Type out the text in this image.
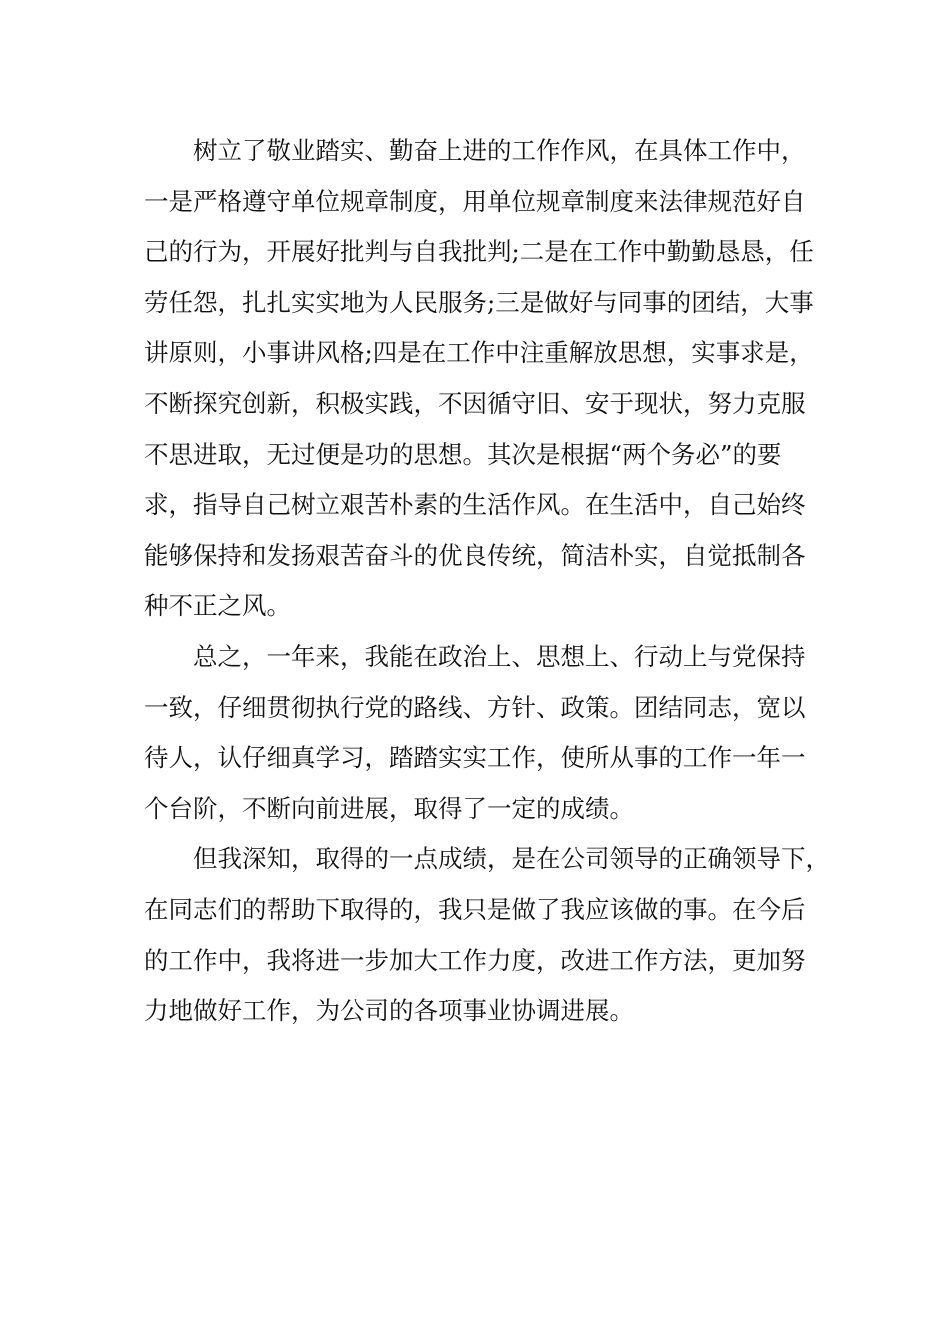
树立了敬业踏实、勤奋上进的工作作风，在具体工作中，
一是严格遵守单位规章制度，用单位规章制度来法律规范好自
己的行为，开展好批判与自我批判;二是在工作中勤勤恳恳，任
劳任怨，扎扎实实地为人民服务;三是做好与同事的团结，大事
讲原则，小事讲风格;四是在工作中注重解放思想，实事求是，
不断探究创新，积极实践，不因循守旧、安于现状，努力克服
不思进取，无过便是功的思想。其次是根据“两个务必”的要
求，指导自己树立艰苦朴素的生活作风。在生活中，自己始终
能够保持和发扬艰苦奋斗的优良传统，简洁朴实，自觉抵制各
种不正之风。
总之，一年来，我能在政治上、思想上、行动上与党保持
一致，仔细贯彻执行党的路线、方针、政策。团结同志，宽以
待人，认仔细真学习，踏踏实实工作，使所从事的工作一年一
个台阶，不断向前进展，取得了一定的成绩。
但我深知，取得的一点成绩，是在公司领导的正确领导下，
在同志们的帮助下取得的，我只是做了我应该做的事。在今后
的工作中，我将进一步加大工作力度，改进工作方法，更加努
力地做好工作，为公司的各项事业协调进展。
